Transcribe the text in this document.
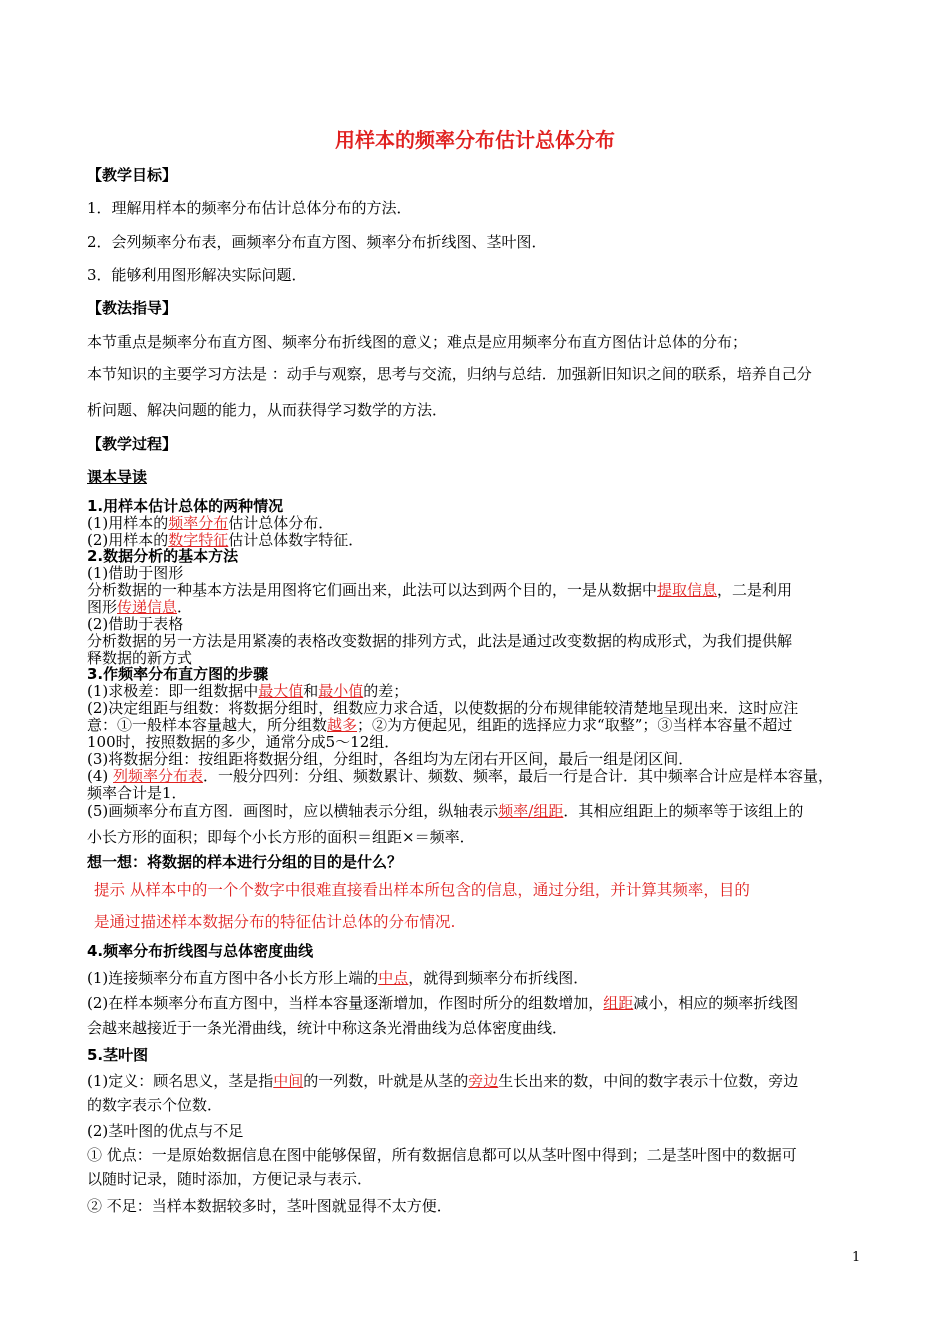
用样本的频率分布估计总体分布
【教学目标】
1．理解用样本的频率分布估计总体分布的方法．
2．会列频率分布表，画频率分布直方图、频率分布折线图、茎叶图．
3．能够利用图形解决实际问题．
【教法指导】
本节重点是频率分布直方图、频率分布折线图的意义；难点是应用频率分布直方图估计总体的分布；
本节知识的主要学习方法是 ：动手与观察，思考与交流，归纳与总结．加强新旧知识之间的联系，培养自己分
析问题、解决问题的能力，从而获得学习数学的方法．
【教学过程】
课本导读
1.用样本估计总体的两种情况
(1)用样本的频率分布估计总体分布．
(2)用样本的数字特征估计总体数字特征．
2.数据分析的基本方法
(1)借助于图形
分析数据的一种基本方法是用图将它们画出来，此法可以达到两个目的，一是从数据中提取信息，二是利用
图形传递信息．
(2)借助于表格
分析数据的另一方法是用紧凑的表格改变数据的排列方式，此法是通过改变数据的构成形式，为我们提供解
释数据的新方式
3.作频率分布直方图的步骤
(1)求极差：即一组数据中最大值和最小值的差；
(2)决定组距与组数：将数据分组时，组数应力求合适，以使数据的分布规律能较清楚地呈现出来．这时应注
意：①一般样本容量越大，所分组数越多；②为方便起见，组距的选择应力求“取整”；③当样本容量不超过
100时，按照数据的多少，通常分成5～12组．
(3)将数据分组：按组距将数据分组，分组时，各组均为左闭右开区间，最后一组是闭区间．
(4) 列频率分布表．一般分四列：分组、频数累计、频数、频率，最后一行是合计．其中频率合计应是样本容量，
频率合计是1．
(5)画频率分布直方图．画图时，应以横轴表示分组，纵轴表示频率/组距．其相应组距上的频率等于该组上的
小长方形的面积；即每个小长方形的面积＝组距×＝频率．
想一想：将数据的样本进行分组的目的是什么？
提示 从样本中的一个个数字中很难直接看出样本所包含的信息，通过分组，并计算其频率，目的
是通过描述样本数据分布的特征估计总体的分布情况.
4.频率分布折线图与总体密度曲线
(1)连接频率分布直方图中各小长方形上端的中点，就得到频率分布折线图．
(2)在样本频率分布直方图中，当样本容量逐渐增加，作图时所分的组数增加，组距减小，相应的频率折线图
会越来越接近于一条光滑曲线，统计中称这条光滑曲线为总体密度曲线．
5.茎叶图
(1)定义：顾名思义，茎是指中间的一列数，叶就是从茎的旁边生长出来的数，中间的数字表示十位数，旁边
的数字表示个位数．
(2)茎叶图的优点与不足
① 优点：一是原始数据信息在图中能够保留，所有数据信息都可以从茎叶图中得到；二是茎叶图中的数据可
以随时记录，随时添加，方便记录与表示．
② 不足：当样本数据较多时，茎叶图就显得不太方便．
1
